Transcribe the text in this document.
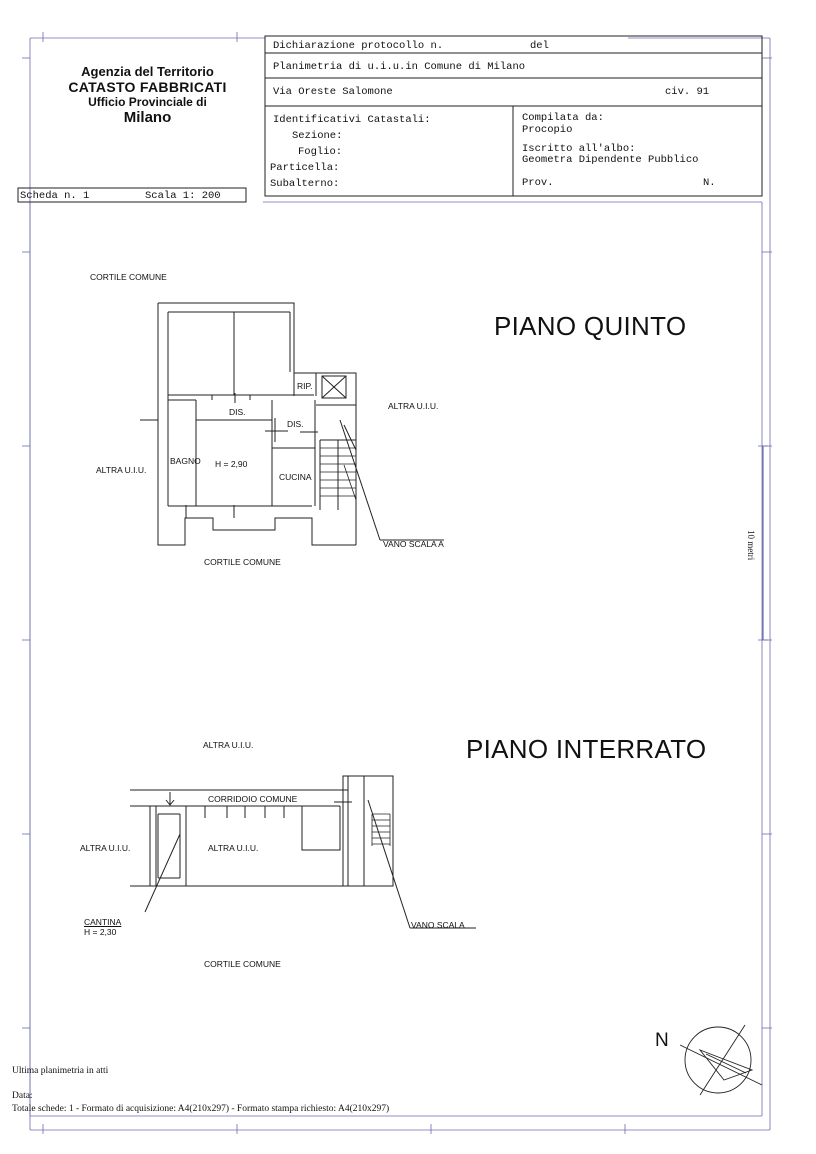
Agenzia del Territorio
CATASTO FABBRICATI
Ufficio Provinciale di
Milano
Dichiarazione protocollo n.	del
Planimetria di u.i.u.in Comune di Milano
Via Oreste Salomone	civ. 91
Identificativi Catastali:
Sezione:
Foglio:
Particella:
Subalterno:
Compilata da:
Procopio
Iscritto all'albo:
Geometra Dipendente Pubblico
Prov.	N.
Scheda n. 1	Scala 1: 200
PIANO QUINTO
CORTILE COMUNE
RIP.
DIS.
DIS.
ALTRA U.I.U.
BAGNO H = 2,90
CUCINA
ALTRA U.I.U.
VANO SCALA A
CORTILE COMUNE
PIANO INTERRATO
ALTRA U.I.U.
CORRIDOIO COMUNE
ALTRA U.I.U.	ALTRA U.I.U.
CANTINA
H = 2,30
VANO SCALA
CORTILE COMUNE
10 metri
N
Ultima planimetria in atti
Data:
Totale schede: 1 - Formato di acquisizione: A4(210x297) - Formato stampa richiesto: A4(210x297)
